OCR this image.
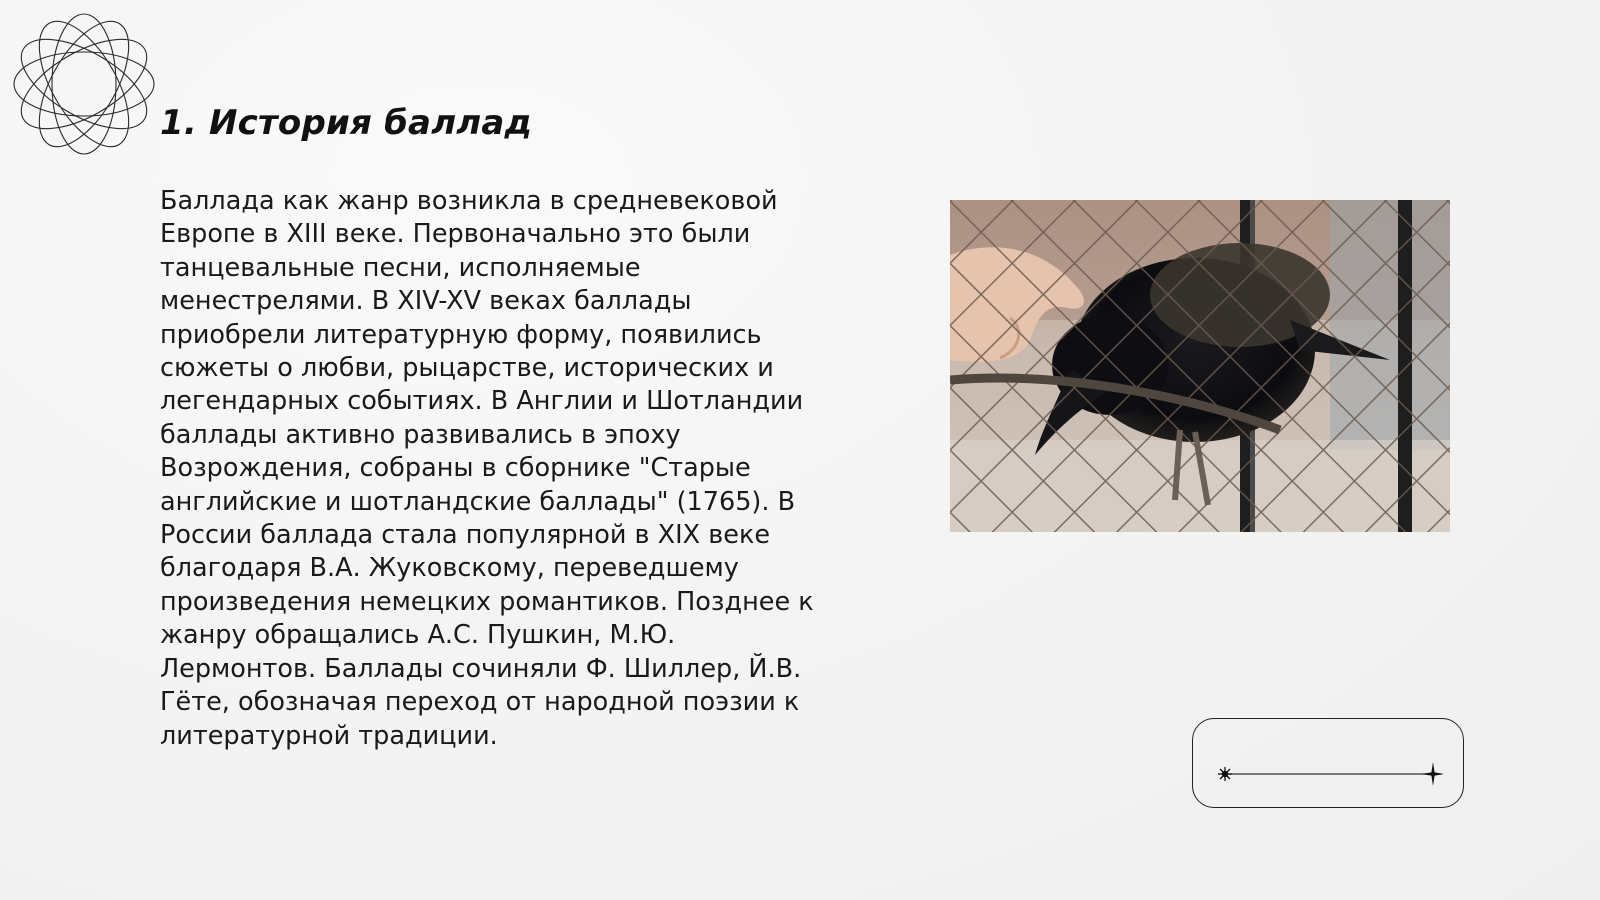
1. История баллад

Баллада как жанр возникла в средневековой Европе в XIII веке. Первоначально это были танцевальные песни, исполняемые менестрелями. В XIV-XV веках баллады приобрели литературную форму, появились сюжеты о любви, рыцарстве, исторических и легендарных событиях. В Англии и Шотландии баллады активно развивались в эпоху Возрождения, собраны в сборнике "Старые английские и шотландские баллады" (1765). В России баллада стала популярной в XIX веке благодаря В.А. Жуковскому, переведшему произведения немецких романтиков. Позднее к жанру обращались А.С. Пушкин, М.Ю. Лермонтов. Баллады сочиняли Ф. Шиллер, Й.В. Гёте, обозначая переход от народной поэзии к литературной традиции.
